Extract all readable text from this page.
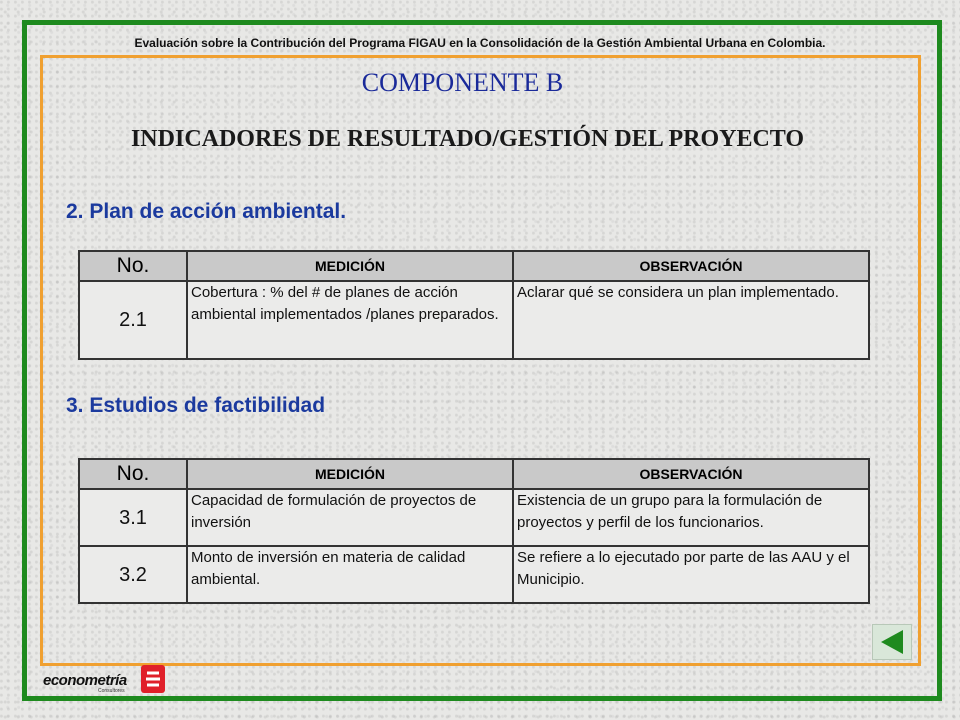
Evaluación sobre la Contribución del Programa FIGAU en la Consolidación de la Gestión Ambiental Urbana en Colombia.
COMPONENTE B
INDICADORES DE RESULTADO/GESTIÓN DEL PROYECTO
2. Plan de acción ambiental.
No.	MEDICIÓN	OBSERVACIÓN
2.1	Cobertura : % del # de planes de acción ambiental implementados /planes preparados.	Aclarar qué se considera un plan implementado.
3. Estudios de factibilidad
No.	MEDICIÓN	OBSERVACIÓN
3.1	Capacidad de formulación de proyectos de inversión	Existencia de un grupo para la formulación de proyectos y perfil de los funcionarios.
3.2	Monto de inversión en materia de calidad ambiental.	Se refiere a lo ejecutado por parte de las AAU y el Municipio.
econometría
Consultores
